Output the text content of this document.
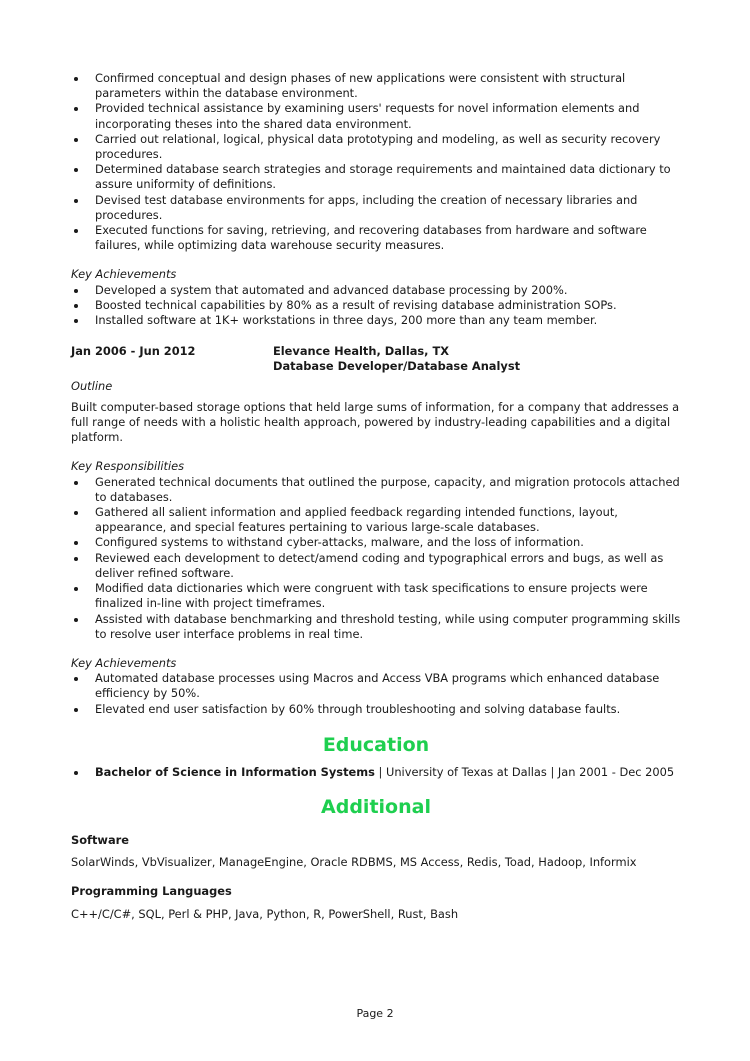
Confirmed conceptual and design phases of new applications were consistent with structural parameters within the database environment.
Provided technical assistance by examining users' requests for novel information elements and incorporating theses into the shared data environment.
Carried out relational, logical, physical data prototyping and modeling, as well as security recovery procedures.
Determined database search strategies and storage requirements and maintained data dictionary to assure uniformity of definitions.
Devised test database environments for apps, including the creation of necessary libraries and procedures.
Executed functions for saving, retrieving, and recovering databases from hardware and software failures, while optimizing data warehouse security measures.
Key Achievements
Developed a system that automated and advanced database processing by 200%.
Boosted technical capabilities by 80% as a result of revising database administration SOPs.
Installed software at 1K+ workstations in three days, 200 more than any team member.
Jan 2006 - Jun 2012	Elevance Health, Dallas, TX
Database Developer/Database Analyst
Outline

Built computer-based storage options that held large sums of information, for a company that addresses a full range of needs with a holistic health approach, powered by industry-leading capabilities and a digital platform.

Key Responsibilities
Generated technical documents that outlined the purpose, capacity, and migration protocols attached to databases.
Gathered all salient information and applied feedback regarding intended functions, layout, appearance, and special features pertaining to various large-scale databases.
Configured systems to withstand cyber-attacks, malware, and the loss of information.
Reviewed each development to detect/amend coding and typographical errors and bugs, as well as deliver refined software.
Modified data dictionaries which were congruent with task specifications to ensure projects were finalized in-line with project timeframes.
Assisted with database benchmarking and threshold testing, while using computer programming skills to resolve user interface problems in real time.
Key Achievements
Automated database processes using Macros and Access VBA programs which enhanced database efficiency by 50%.
Elevated end user satisfaction by 60% through troubleshooting and solving database faults.
Education
Bachelor of Science in Information Systems | University of Texas at Dallas | Jan 2001 - Dec 2005
Additional
Software
SolarWinds, VbVisualizer, ManageEngine, Oracle RDBMS, MS Access, Redis, Toad, Hadoop, Informix
Programming Languages
C++/C/C#, SQL, Perl & PHP, Java, Python, R, PowerShell, Rust, Bash
Page 2
